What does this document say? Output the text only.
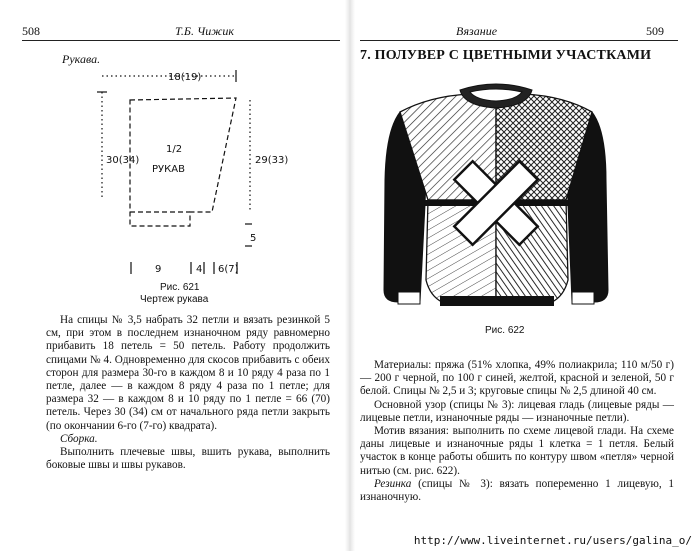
508	Т.Б. Чижик
Рукава.
18(19)
30(34)	29(33)
1/2
РУКАВ
5
9	4 6(7)
Рис. 621
Чертеж рукава

На спицы № 3,5 набрать 32 петли и вязать резинкой 5 см, при этом в последнем изнаночном ряду равномерно прибавить 18 петель = 50 петель. Работу продолжить спицами № 4. Одновременно для скосов прибавить с обеих сторон для размера 30-го в каждом 8 и 10 ряду 4 раза по 1 петле, далее — в каждом 8 ряду 4 раза по 1 петле; для размера 32 — в каждом 8 и 10 ряду по 1 петле = 66 (70) петель. Через 30 (34) см от начального ряда петли закрыть (по окончании 6-го (7-го) квадрата).

Сборка.

Выполнить плечевые швы, вшить рукава, выполнить боковые швы и швы рукавов.

Вязание	509
7. ПОЛУВЕР С ЦВЕТНЫМИ УЧАСТКАМИ
Рис. 622

Материалы: пряжа (51% хлопка, 49% полиакрила; 110 м/50 г) — 200 г черной, по 100 г синей, желтой, красной и зеленой, 50 г белой. Спицы № 2,5 и 3; круговые спицы № 2,5 длиной 40 см.

Основной узор (спицы № 3): лицевая гладь (лицевые ряды — лицевые петли, изнаночные ряды — изнаночные петли).

Мотив вязания: выполнить по схеме лицевой глади. На схеме даны лицевые и изнаночные ряды 1 клетка = 1 петля. Белый участок в конце работы обшить по контуру швом «петля» черной нитью (см. рис. 622).

Резинка (спицы № 3): вязать попеременно 1 лицевую, 1 изнаночную.

http://www.liveinternet.ru/users/galina_o/
